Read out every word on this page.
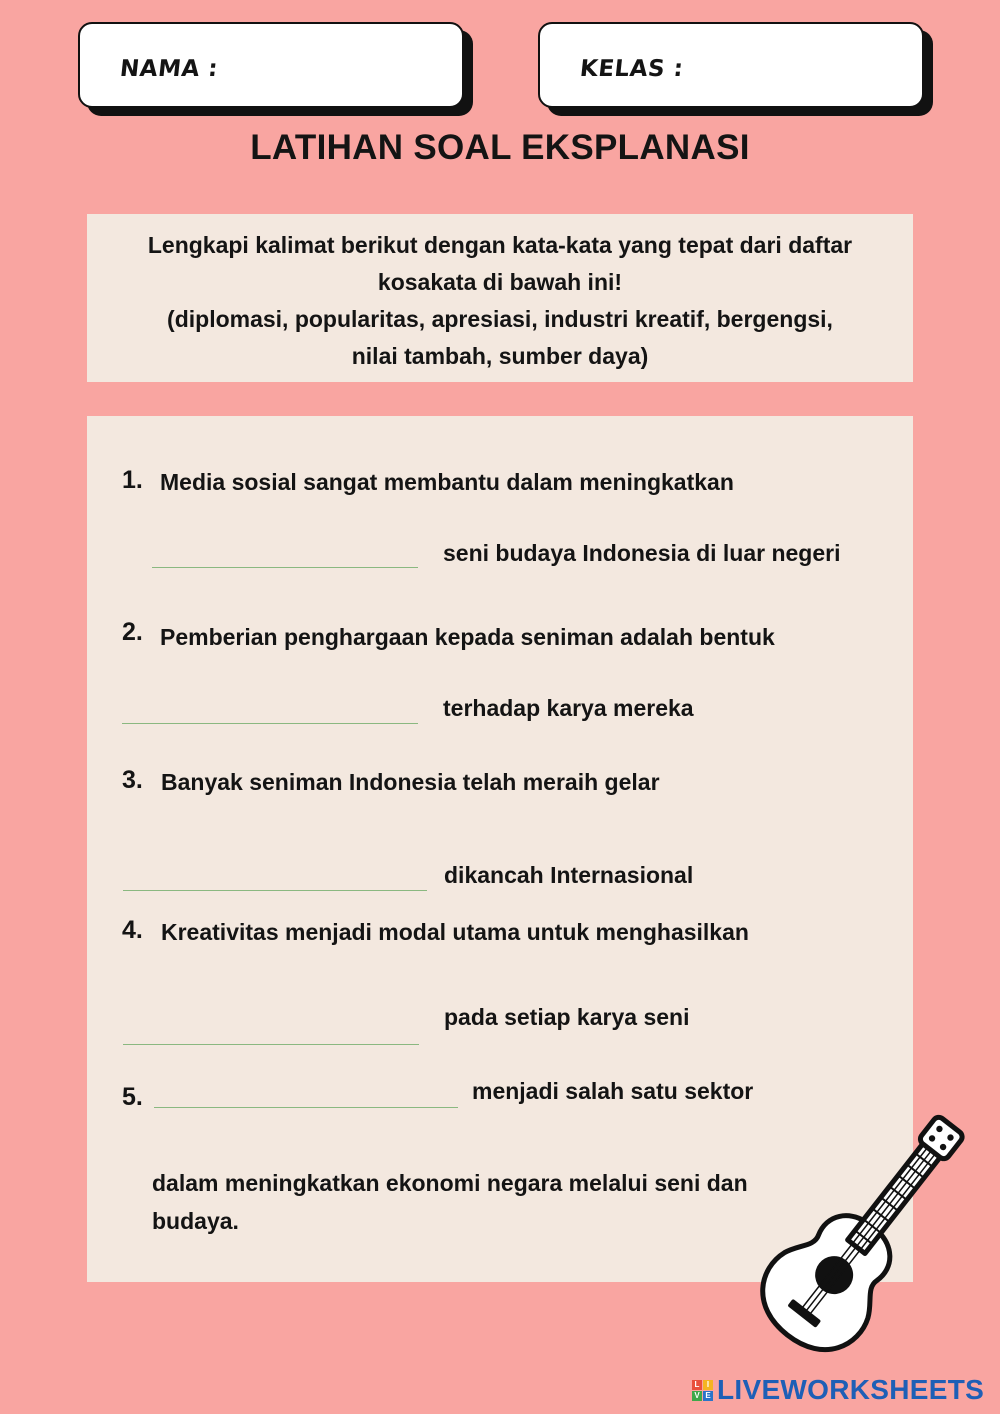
NAMA :	KELAS :
LATIHAN SOAL EKSPLANASI
Lengkapi kalimat berikut dengan kata-kata yang tepat dari daftar
kosakata di bawah ini!
(diplomasi, popularitas, apresiasi, industri kreatif, bergengsi,
nilai tambah, sumber daya)
1. Media sosial sangat membantu dalam meningkatkan
seni budaya Indonesia di luar negeri
2. Pemberian penghargaan kepada seniman adalah bentuk
terhadap karya mereka
3. Banyak seniman Indonesia telah meraih gelar
dikancah Internasional
4. Kreativitas menjadi modal utama untuk menghasilkan
pada setiap karya seni
5.	menjadi salah satu sektor
dalam meningkatkan ekonomi negara melalui seni dan
budaya.
L I
V E LIVEWORKSHEETS
